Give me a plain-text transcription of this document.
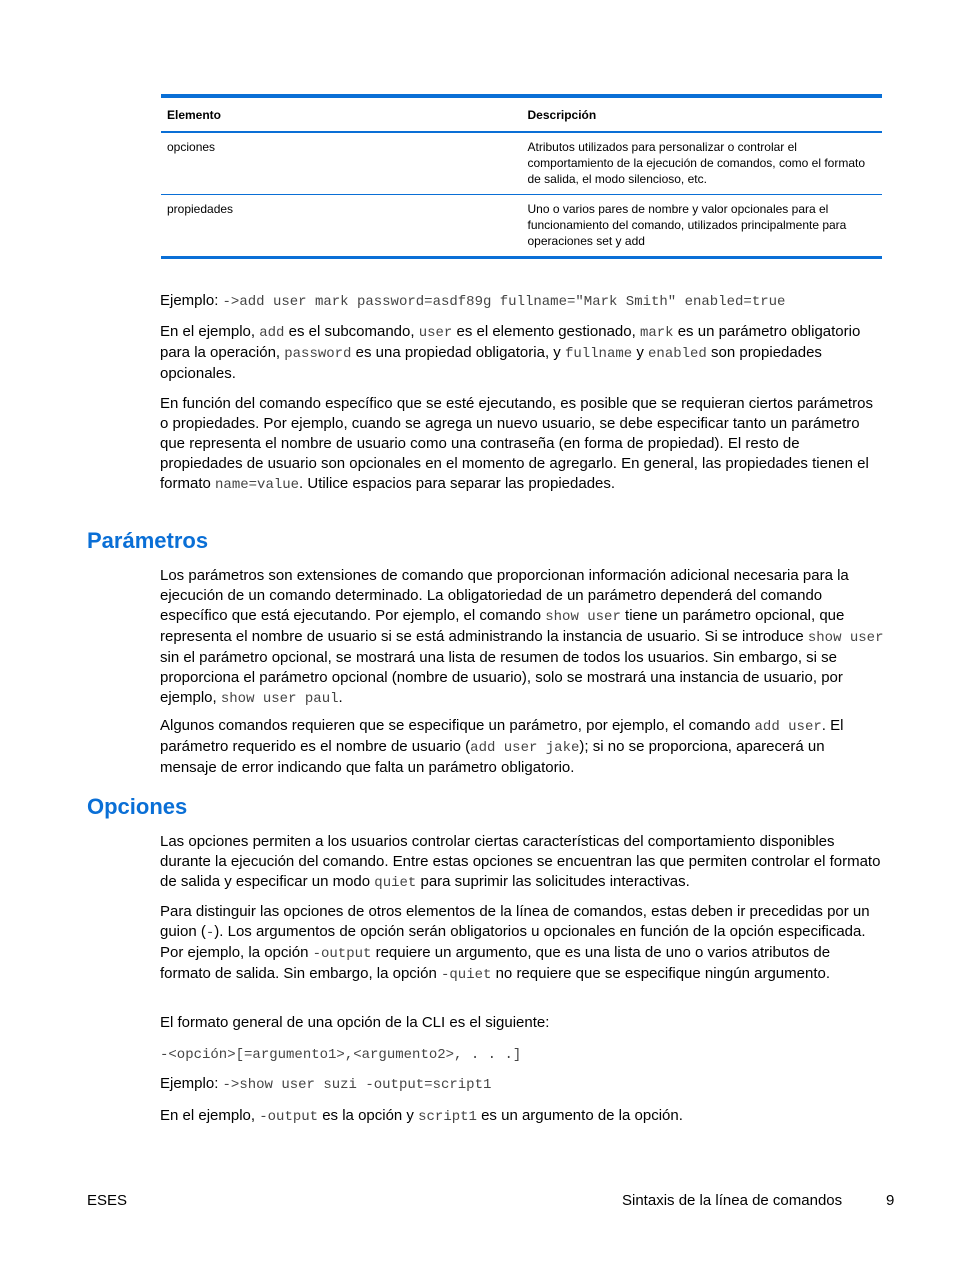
Elemento	Descripción
opciones	Atributos utilizados para personalizar o controlar el comportamiento de la ejecución de comandos, como el formato de salida, el modo silencioso, etc.
propiedades	Uno o varios pares de nombre y valor opcionales para el funcionamiento del comando, utilizados principalmente para operaciones set y add

Ejemplo: ->add user mark password=asdf89g fullname="Mark Smith" enabled=true

En el ejemplo, add es el subcomando, user es el elemento gestionado, mark es un parámetro obligatorio para la operación, password es una propiedad obligatoria, y fullname y enabled son propiedades opcionales.

En función del comando específico que se esté ejecutando, es posible que se requieran ciertos parámetros o propiedades. Por ejemplo, cuando se agrega un nuevo usuario, se debe especificar tanto un parámetro que representa el nombre de usuario como una contraseña (en forma de propiedad). El resto de propiedades de usuario son opcionales en el momento de agregarlo. En general, las propiedades tienen el formato name=value. Utilice espacios para separar las propiedades.

Parámetros

Los parámetros son extensiones de comando que proporcionan información adicional necesaria para la ejecución de un comando determinado. La obligatoriedad de un parámetro dependerá del comando específico que está ejecutando. Por ejemplo, el comando show user tiene un parámetro opcional, que representa el nombre de usuario si se está administrando la instancia de usuario. Si se introduce show user sin el parámetro opcional, se mostrará una lista de resumen de todos los usuarios. Sin embargo, si se proporciona el parámetro opcional (nombre de usuario), solo se mostrará una instancia de usuario, por ejemplo, show user paul.

Algunos comandos requieren que se especifique un parámetro, por ejemplo, el comando add user. El parámetro requerido es el nombre de usuario (add user jake); si no se proporciona, aparecerá un mensaje de error indicando que falta un parámetro obligatorio.

Opciones

Las opciones permiten a los usuarios controlar ciertas características del comportamiento disponibles durante la ejecución del comando. Entre estas opciones se encuentran las que permiten controlar el formato de salida y especificar un modo quiet para suprimir las solicitudes interactivas.

Para distinguir las opciones de otros elementos de la línea de comandos, estas deben ir precedidas por un guion (-). Los argumentos de opción serán obligatorios u opcionales en función de la opción especificada. Por ejemplo, la opción -output requiere un argumento, que es una lista de uno o varios atributos de formato de salida. Sin embargo, la opción -quiet no requiere que se especifique ningún argumento.

El formato general de una opción de la CLI es el siguiente:

-<opción>[=argumento1>,<argumento2>, . . .]

Ejemplo: ->show user suzi -output=script1

En el ejemplo, -output es la opción y script1 es un argumento de la opción.

ESES	Sintaxis de la línea de comandos	9
